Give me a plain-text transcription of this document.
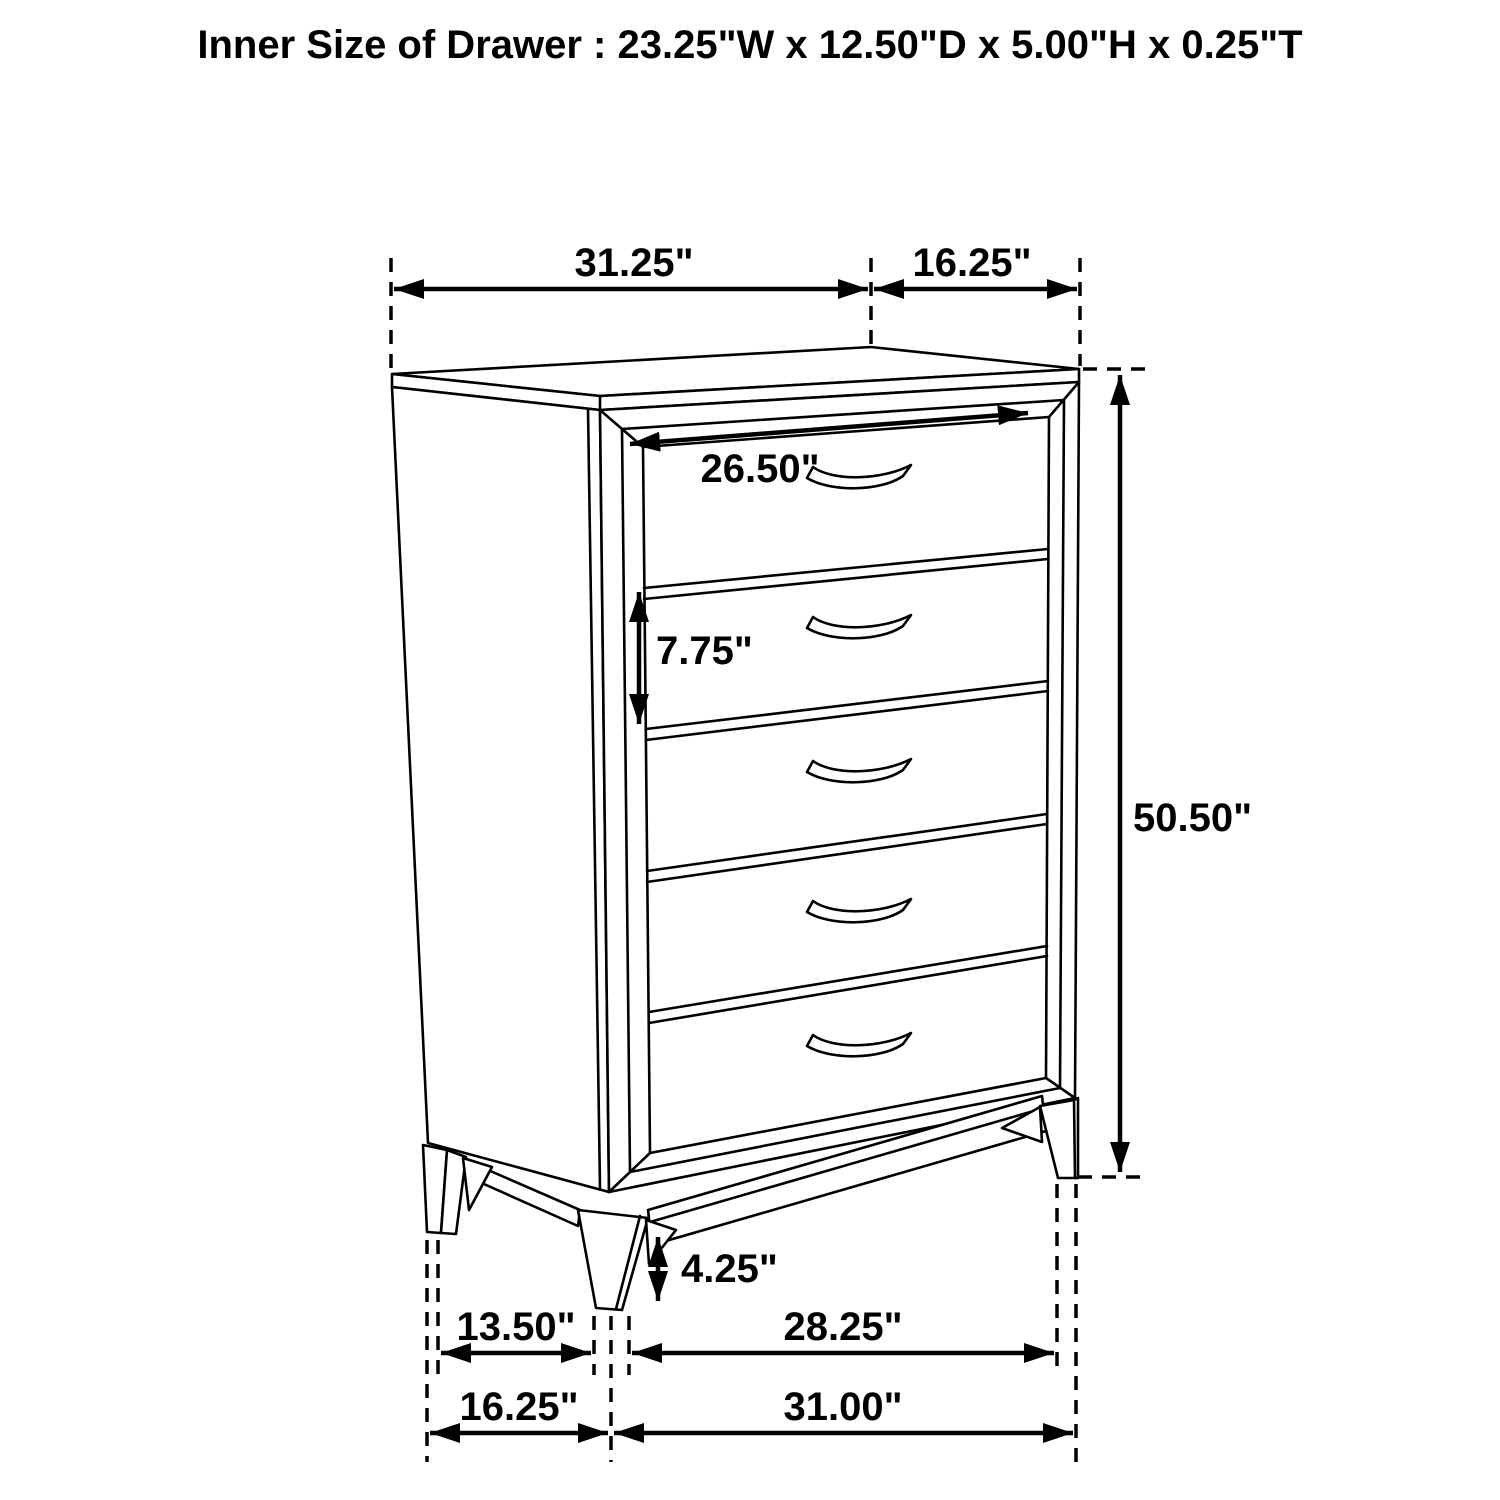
Inner Size of Drawer : 23.25"W x 12.50"D x 5.00"H x 0.25"T
31.25"	16.25"
26.50"
7.75"
50.50"
4.25"
13.50"	28.25"
16.25"	31.00"
